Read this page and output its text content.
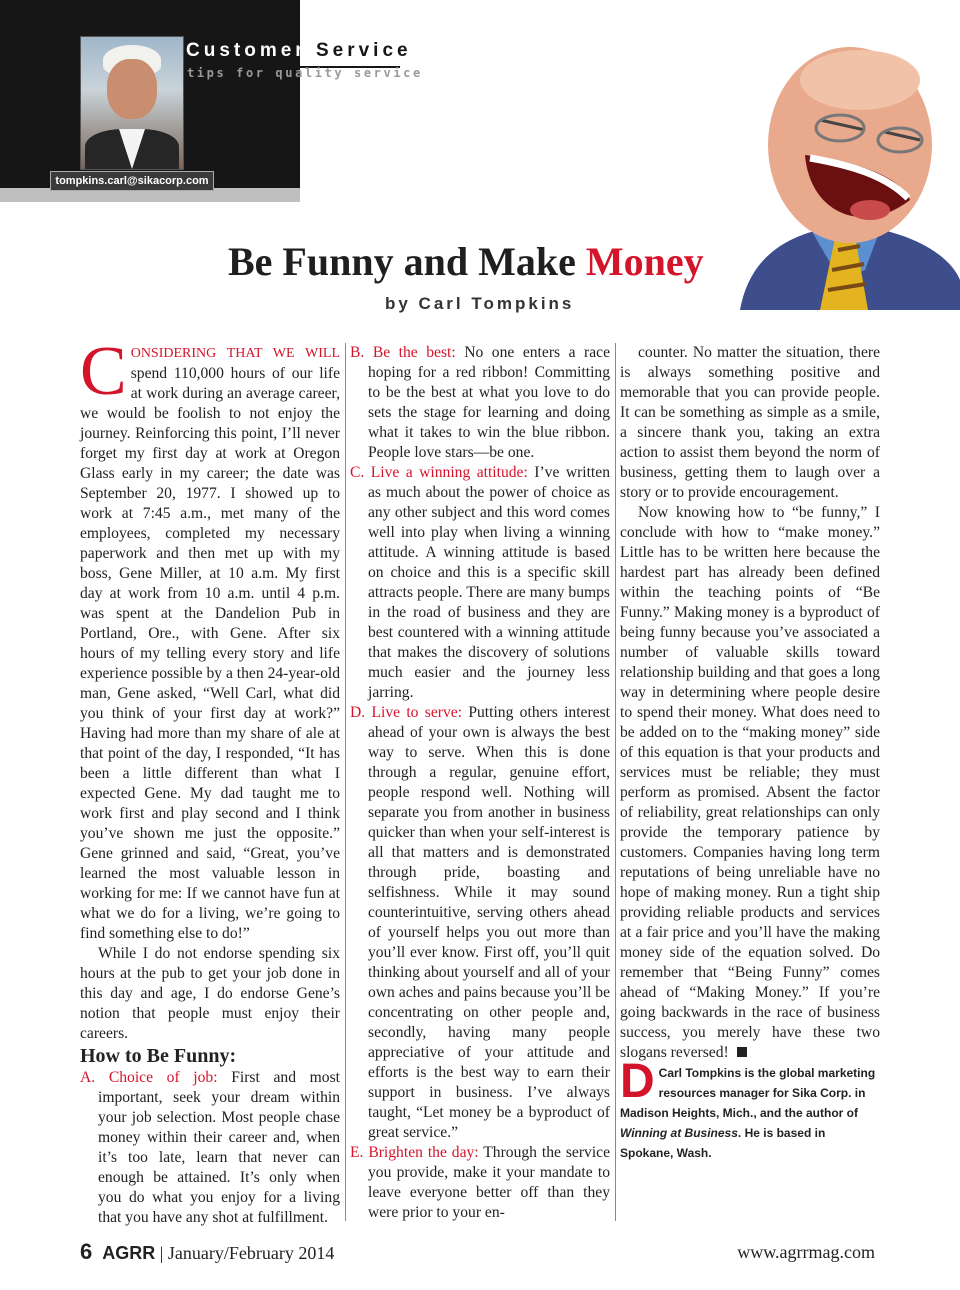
tompkins.carl@sikacorp.com
Customer Service
tips for quality service
Be Funny and Make Money
by Carl Tompkins

CONSIDERING THAT WE WILL spend 110,000 hours of our life at work during an average career, we would be foolish to not enjoy the journey. Reinforcing this point, I’ll never forget my first day at work at Oregon Glass early in my career; the date was September 20, 1977. I showed up to work at 7:45 a.m., met many of the employees, completed my necessary paperwork and then met up with my boss, Gene Miller, at 10 a.m. My first day at work from 10 a.m. until 4 p.m. was spent at the Dandelion Pub in Portland, Ore., with Gene. After six hours of my telling every story and life experience possible by a then 24-year-old man, Gene asked, “Well Carl, what did you think of your first day at work?” Having had more than my share of ale at that point of the day, I responded, “It has been a little different than what I expected Gene. My dad taught me to work first and play second and I think you’ve shown me just the opposite.” Gene grinned and said, “Great, you’ve learned the most valuable lesson in working for me: If we cannot have fun at what we do for a living, we’re going to find something else to do!”

While I do not endorse spending six hours at the pub to get your job done in this day and age, I do endorse Gene’s notion that people must enjoy their careers.

How to Be Funny:

A. Choice of job: First and most important, seek your dream within your job selection. Most people chase money within their career and, when it’s too late, learn that never can enough be attained. It’s only when you do what you enjoy for a living that you have any shot at fulfillment.

B. Be the best: No one enters a race hoping for a red ribbon! Committing to be the best at what you love to do sets the stage for learning and doing what it takes to win the blue ribbon. People love stars—be one.

C. Live a winning attitude: I’ve written as much about the power of choice as any other subject and this word comes well into play when living a winning attitude. A winning attitude is based on choice and this is a specific skill attracts people. There are many bumps in the road of business and they are best countered with a winning attitude that makes the discovery of solutions much easier and the journey less jarring.

D. Live to serve: Putting others interest ahead of your own is always the best way to serve. When this is done through a regular, genuine effort, people respond well. Nothing will separate you from another in business quicker than when your self-interest is all that matters and is demonstrated through pride, boasting and selfishness. While it may sound counterintuitive, serving others ahead of yourself helps you out more than you’ll ever know. First off, you’ll quit thinking about yourself and all of your own aches and pains because you’ll be concentrating on other people and, secondly, having many people appreciative of your attitude and efforts is the best way to earn their support in business. I’ve always taught, “Let money be a byproduct of great service.”

E. Brighten the day: Through the service you provide, make it your mandate to leave everyone better off than they were prior to your en-

counter. No matter the situation, there is always something positive and memorable that you can provide people. It can be something as simple as a smile, a sincere thank you, taking an extra action to assist them beyond the norm of business, getting them to laugh over a story or to provide encouragement.

Now knowing how to “be funny,” I conclude with how to “make money.” Little has to be written here because the hardest part has already been defined within the teaching points of “Be Funny.” Making money is a byproduct of being funny because you’ve associated a number of valuable skills toward relationship building and that goes a long way in determining where people desire to spend their money. What does need to be added on to the “making money” side of this equation is that your products and services must be reliable; they must perform as promised. Absent the factor of reliability, great relationships can only provide the temporary patience by customers. Companies having long term reputations of being unreliable have no hope of making money. Run a tight ship providing reliable products and services at a fair price and you’ll have the making money side of the equation solved. Do remember that “Being Funny” comes ahead of “Making Money.” If you’re going backwards in the race of business success, you merely have these two slogans reversed!

D Carl Tompkins is the global marketing resources manager for Sika Corp. in Madison Heights, Mich., and the author of Winning at Business. He is based in Spokane, Wash.

6 AGRR | January/February 2014	www.agrrmag.com
